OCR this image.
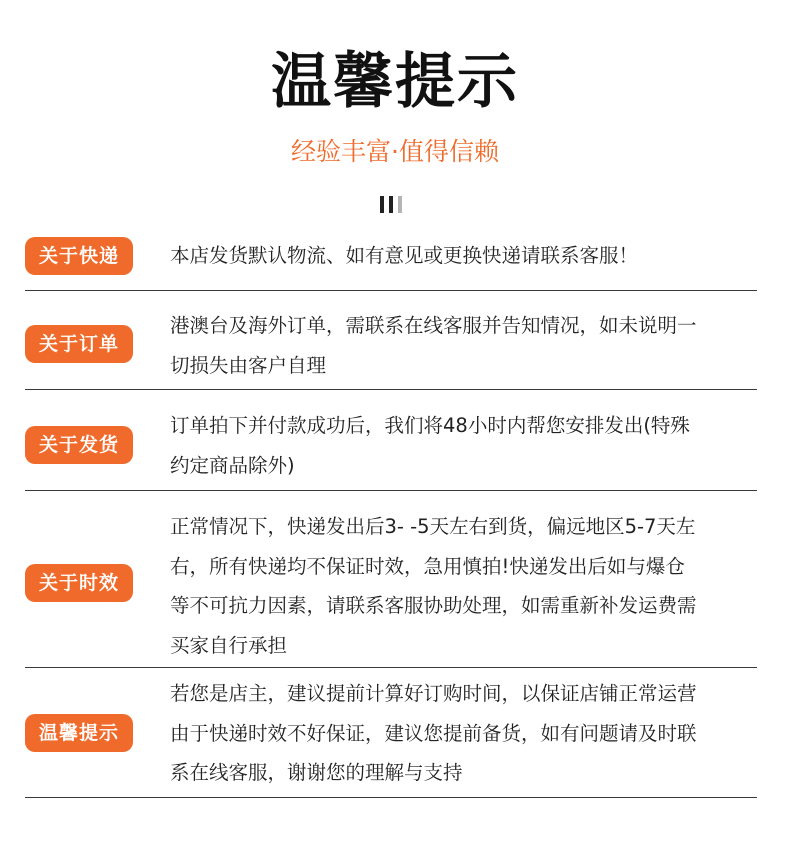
温馨提示
经验丰富·值得信赖
关于快递	本店发货默认物流、如有意见或更换快递请联系客服！
关于订单
港澳台及海外订单，需联系在线客服并告知情况，如未说明一
切损失由客户自理
关于发货
订单拍下并付款成功后，我们将48小时内帮您安排发出(特殊
约定商品除外)
关于时效
正常情况下，快递发出后3- -5天左右到货，偏远地区5-7天左
右，所有快递均不保证时效，急用慎拍!快递发出后如与爆仓
等不可抗力因素，请联系客服协助处理，如需重新补发运费需
买家自行承担
温馨提示
若您是店主，建议提前计算好订购时间，以保证店铺正常运营
由于快递时效不好保证，建议您提前备货，如有问题请及时联
系在线客服，谢谢您的理解与支持
